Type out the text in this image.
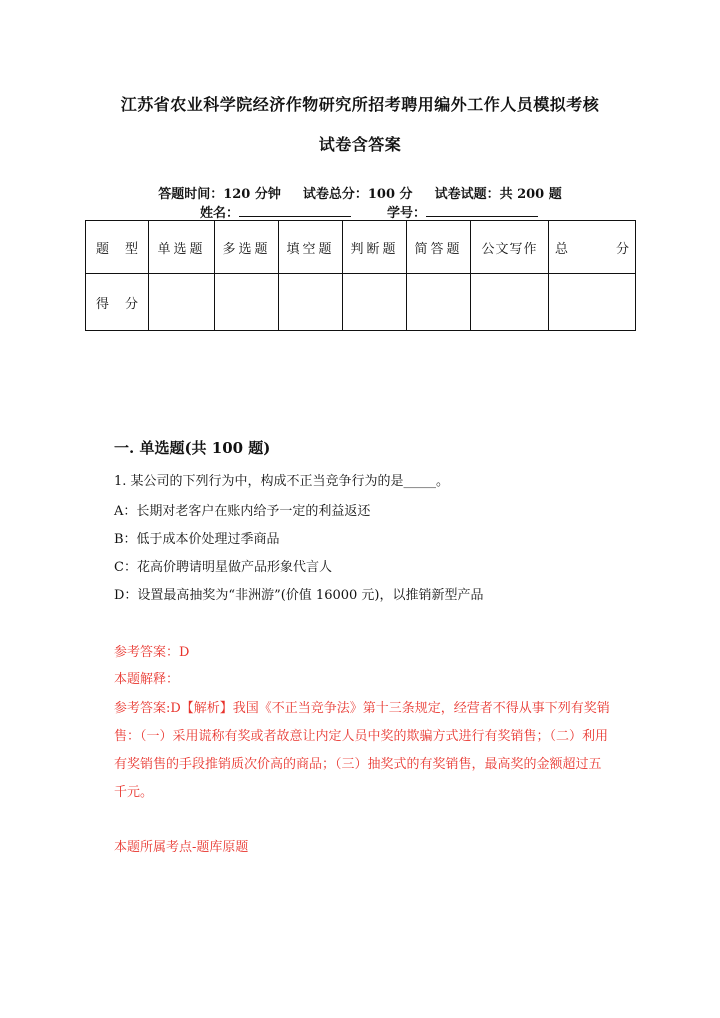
江苏省农业科学院经济作物研究所招考聘用编外工作人员模拟考核
试卷含答案
答题时间：120 分钟 试卷总分：100 分 试卷试题：共 200 题
姓名：	学号：
题 型	单选题	多选题	填空题	判断题	简答题	公文写作	总 分

得 分							

一. 单选题(共 100 题)
1. 某公司的下列行为中，构成不正当竞争行为的是_____。
A：长期对老客户在账内给予一定的利益返还
B：低于成本价处理过季商品
C：花高价聘请明星做产品形象代言人
D：设置最高抽奖为“非洲游”(价值 16000 元)，以推销新型产品
参考答案：D
本题解释：
参考答案:D【解析】我国《不正当竞争法》第十三条规定，经营者不得从事下列有奖销售：（一）采用谎称有奖或者故意让内定人员中奖的欺骗方式进行有奖销售；（二）利用有奖销售的手段推销质次价高的商品；（三）抽奖式的有奖销售，最高奖的金额超过五千元。
本题所属考点-题库原题
